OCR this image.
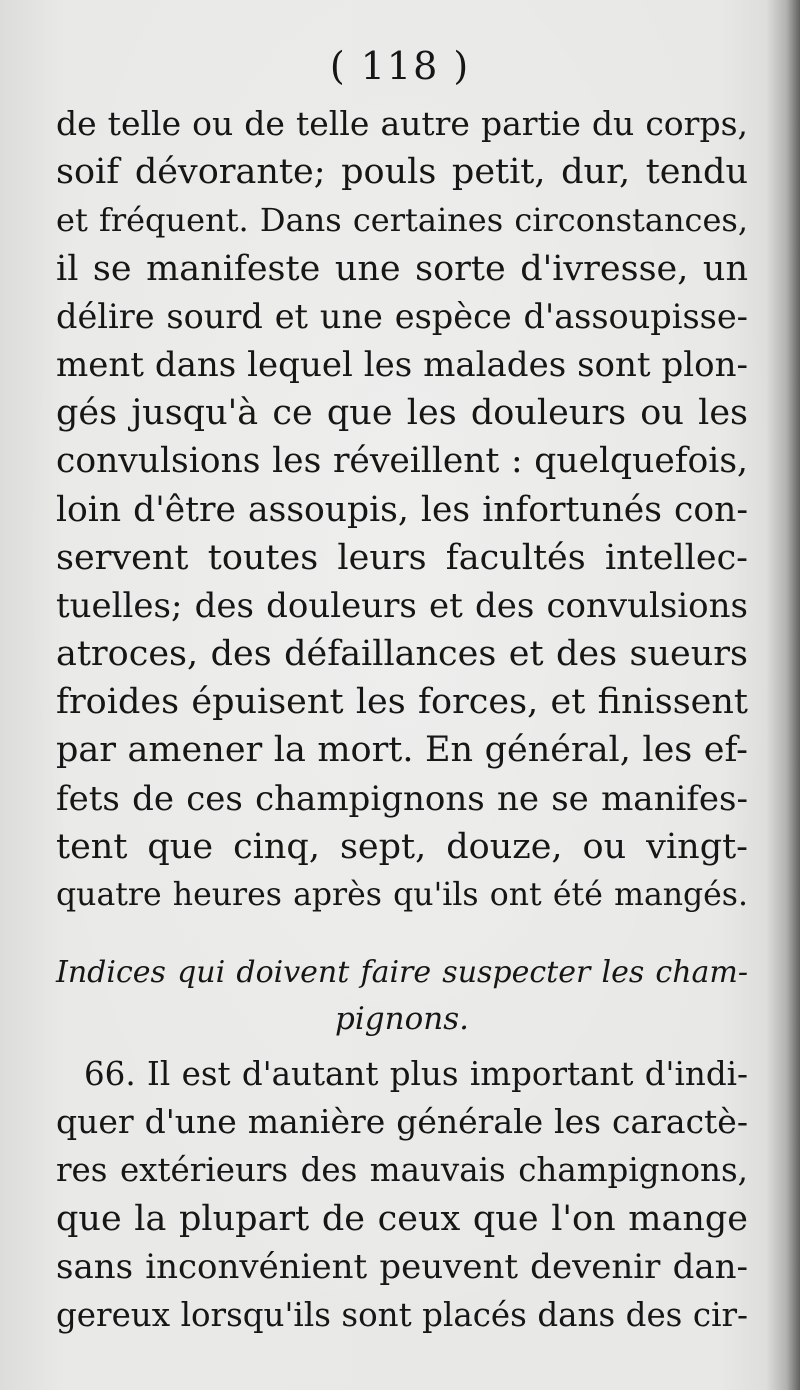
( 118 )
de telle ou de telle autre partie du corps,
soif dévorante; pouls petit, dur, tendu
et fréquent. Dans certaines circonstances,
il se manifeste une sorte d'ivresse, un
délire sourd et une espèce d'assoupisse-
ment dans lequel les malades sont plon-
gés jusqu'à ce que les douleurs ou les
convulsions les réveillent : quelquefois,
loin d'être assoupis, les infortunés con-
servent toutes leurs facultés intellec-
tuelles; des douleurs et des convulsions
atroces, des défaillances et des sueurs
froides épuisent les forces, et finissent
par amener la mort. En général, les ef-
fets de ces champignons ne se manifes-
tent que cinq, sept, douze, ou vingt-
quatre heures après qu'ils ont été mangés.
Indices qui doivent faire suspecter les cham-
pignons.
66. Il est d'autant plus important d'indi-
quer d'une manière générale les caractè-
res extérieurs des mauvais champignons,
que la plupart de ceux que l'on mange
sans inconvénient peuvent devenir dan-
gereux lorsqu'ils sont placés dans des cir-
